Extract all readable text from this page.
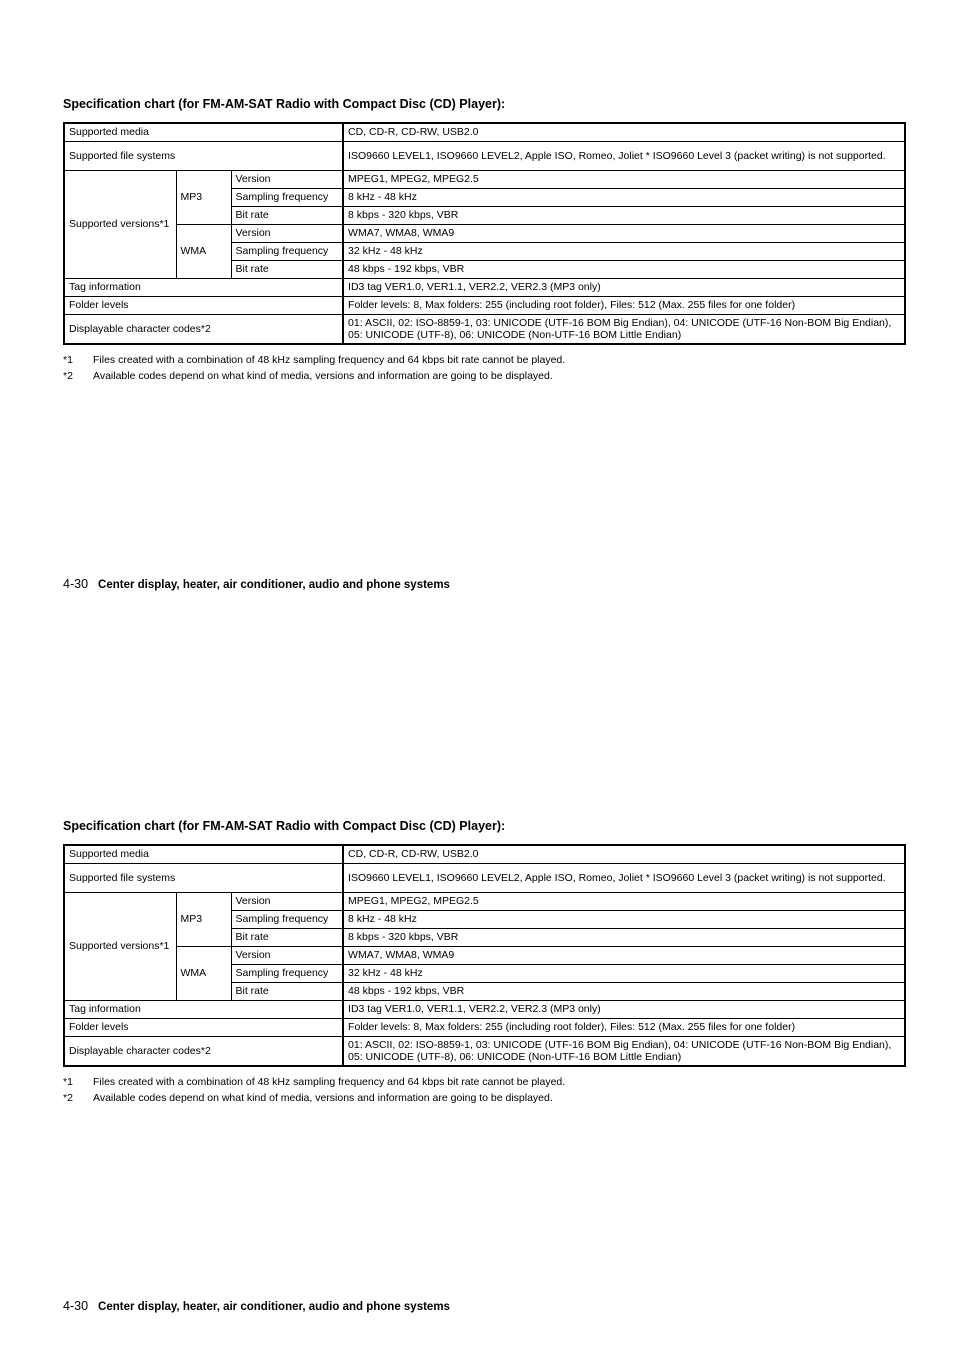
Specification chart (for FM-AM-SAT Radio with Compact Disc (CD) Player):
Supported media			CD, CD-R, CD-RW, USB2.0
Supported file systems			ISO9660 LEVEL1, ISO9660 LEVEL2, Apple ISO, Romeo, Joliet * ISO9660 Level 3 (packet writing) is not supported.
Supported versions*1	MP3	Version	MPEG1, MPEG2, MPEG2.5
		Sampling frequency	8 kHz - 48 kHz
		Bit rate	8 kbps - 320 kbps, VBR
	WMA	Version	WMA7, WMA8, WMA9
		Sampling frequency	32 kHz - 48 kHz
		Bit rate	48 kbps - 192 kbps, VBR
Tag information			ID3 tag VER1.0, VER1.1, VER2.2, VER2.3 (MP3 only)
Folder levels			Folder levels: 8, Max folders: 255 (including root folder), Files: 512 (Max. 255 files for one folder)
Displayable character codes*2			01: ASCII, 02: ISO-8859-1, 03: UNICODE (UTF-16 BOM Big Endian), 04: UNICODE (UTF-16 Non-BOM Big Endian), 05: UNICODE (UTF-8), 06: UNICODE (Non-UTF-16 BOM Little Endian)
*1	Files created with a combination of 48 kHz sampling frequency and 64 kbps bit rate cannot be played.
*2	Available codes depend on what kind of media, versions and information are going to be displayed.
4-30 Center display, heater, air conditioner, audio and phone systems
Specification chart (for FM-AM-SAT Radio with Compact Disc (CD) Player):
Supported media			CD, CD-R, CD-RW, USB2.0
Supported file systems			ISO9660 LEVEL1, ISO9660 LEVEL2, Apple ISO, Romeo, Joliet * ISO9660 Level 3 (packet writing) is not supported.
Supported versions*1	MP3	Version	MPEG1, MPEG2, MPEG2.5
		Sampling frequency	8 kHz - 48 kHz
		Bit rate	8 kbps - 320 kbps, VBR
	WMA	Version	WMA7, WMA8, WMA9
		Sampling frequency	32 kHz - 48 kHz
		Bit rate	48 kbps - 192 kbps, VBR
Tag information			ID3 tag VER1.0, VER1.1, VER2.2, VER2.3 (MP3 only)
Folder levels			Folder levels: 8, Max folders: 255 (including root folder), Files: 512 (Max. 255 files for one folder)
Displayable character codes*2			01: ASCII, 02: ISO-8859-1, 03: UNICODE (UTF-16 BOM Big Endian), 04: UNICODE (UTF-16 Non-BOM Big Endian), 05: UNICODE (UTF-8), 06: UNICODE (Non-UTF-16 BOM Little Endian)
*1	Files created with a combination of 48 kHz sampling frequency and 64 kbps bit rate cannot be played.
*2	Available codes depend on what kind of media, versions and information are going to be displayed.
4-30 Center display, heater, air conditioner, audio and phone systems
